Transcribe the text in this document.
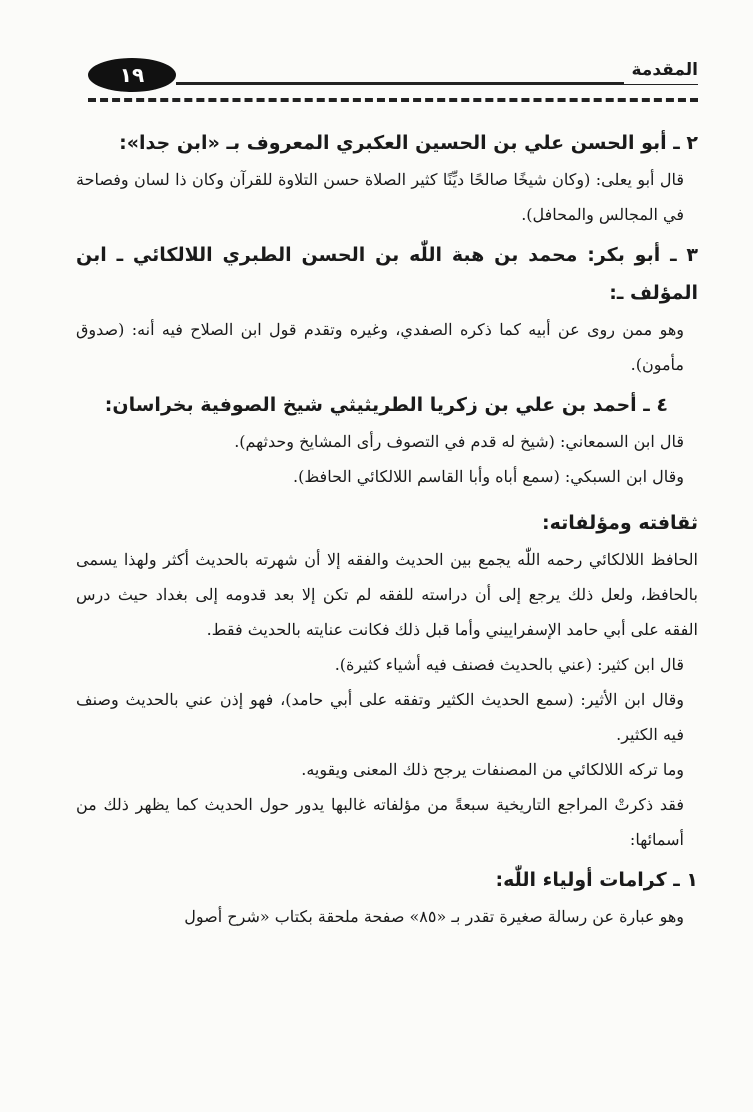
١٩	المقدمة

٢ ـ أبو الحسن علي بن الحسين العكبري المعروف بـ «ابن جدا»:

قال أبو يعلى: (وكان شيخًا صالحًا ديِّنًا كثير الصلاة حسن التلاوة للقرآن وكان ذا لسان وفصاحة في المجالس والمحافل).

٣ ـ أبو بكر: محمد بن هبة اللّٰه بن الحسن الطبري اللالكائي ـ ابن المؤلف ـ:

وهو ممن روى عن أبيه كما ذكره الصفدي، وغيره وتقدم قول ابن الصلاح فيه أنه: (صدوق مأمون).

٤ ـ أحمد بن علي بن زكريا الطريثيثي شيخ الصوفية بخراسان:

قال ابن السمعاني: (شيخ له قدم في التصوف رأى المشايخ وحدثهم).

وقال ابن السبكي: (سمع أباه وأبا القاسم اللالكائي الحافظ).

ثقافته ومؤلفاته:

الحافظ اللالكائي رحمه اللّٰه يجمع بين الحديث والفقه إلا أن شهرته بالحديث أكثر ولهذا يسمى بالحافظ، ولعل ذلك يرجع إلى أن دراسته للفقه لم تكن إلا بعد قدومه إلى بغداد حيث درس الفقه على أبي حامد الإسفراييني وأما قبل ذلك فكانت عنايته بالحديث فقط.

قال ابن كثير: (عني بالحديث فصنف فيه أشياء كثيرة).

وقال ابن الأثير: (سمع الحديث الكثير وتفقه على أبي حامد)، فهو إذن عني بالحديث وصنف فيه الكثير.

وما تركه اللالكائي من المصنفات يرجح ذلك المعنى ويقويه.

فقد ذكرتْ المراجع التاريخية سبعةً من مؤلفاته غالبها يدور حول الحديث كما يظهر ذلك من أسمائها:

١ ـ كرامات أولياء اللّٰه:

وهو عبارة عن رسالة صغيرة تقدر بـ «٨٥» صفحة ملحقة بكتاب «شرح أصول
